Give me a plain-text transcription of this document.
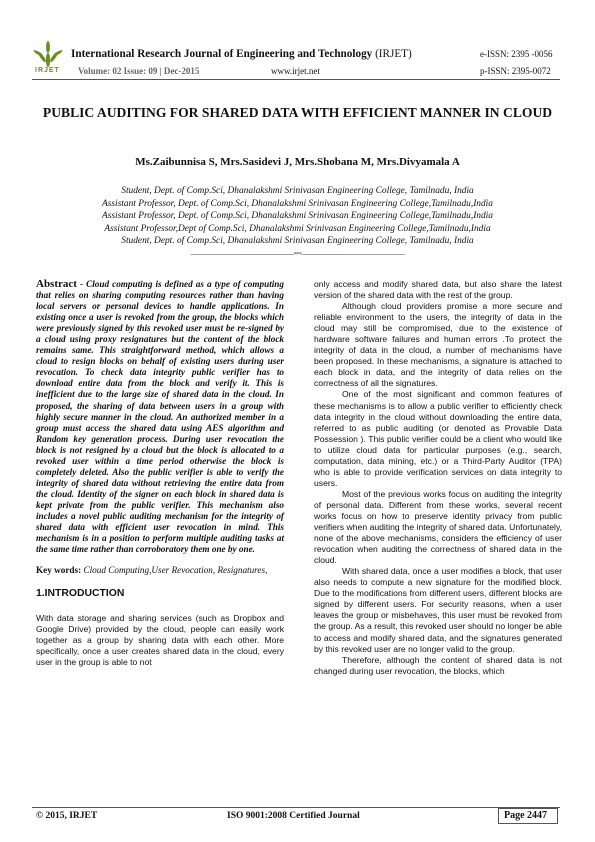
IRJET
International Research Journal of Engineering and Technology (IRJET)	e-ISSN: 2395 -0056
Volume: 02 Issue: 09 | Dec-2015	www.irjet.net	p-ISSN: 2395-0072
PUBLIC AUDITING FOR SHARED DATA WITH EFFICIENT MANNER IN CLOUD
Ms.Zaibunnisa S, Mrs.Sasidevi J, Mrs.Shobana M, Mrs.Divyamala A
Student, Dept. of Comp.Sci, Dhanalakshmi Srinivasan Engineering College, Tamilnadu, India
Assistant Professor, Dept. of Comp.Sci, Dhanalakshmi Srinivasan Engineering College,Tamilnadu,India
Assistant Professor, Dept. of Comp.Sci, Dhanalakshmi Srinivasan Engineering College,Tamilnadu,India
Assistant Professor,Dept of Comp.Sci, Dhanalakshmi Srinivasan Engineering College,Tamilnadu,India
Student, Dept. of Comp.Sci, Dhanalakshmi Srinivasan Engineering College, Tamilnadu, India
---------------------------------------------------------------------***---------------------------------------------------------------------
Abstract - Cloud computing is defined as a type of computing that relies on sharing computing resources rather than having local servers or personal devices to handle applications. In existing once a user is revoked from the group, the blocks which were previously signed by this revoked user must be re-signed by a cloud using proxy resignatures but the content of the block remains same. This straightforward method, which allows a cloud to resign blocks on behalf of existing users during user revocation. To check data integrity public verifier has to download entire data from the block and verify it. This is inefficient due to the large size of shared data in the cloud. In proposed, the sharing of data between users in a group with highly secure manner in the cloud. An authorized member in a group must access the shared data using AES algorithm and Random key generation process. During user revocation the block is not resigned by a cloud but the block is allocated to a revoked user within a time period otherwise the block is completely deleted. Also the public verifier is able to verify the integrity of shared data without retrieving the entire data from the cloud. Identity of the signer on each block in shared data is kept private from the public verifier. This mechanism also includes a novel public auditing mechanism for the integrity of shared data with efficient user revocation in mind. This mechanism is in a position to perform multiple auditing tasks at the same time rather than corroboratory them one by one.
Key words: Cloud Computing,User Revocation, Resignatures,
1.INTRODUCTION
With data storage and sharing services (such as Dropbox and Google Drive) provided by the cloud, people can easily work together as a group by sharing data with each other. More specifically, once a user creates shared data in the cloud, every user in the group is able to not

only access and modify shared data, but also share the latest version of the shared data with the rest of the group.

Although cloud providers promise a more secure and reliable environment to the users, the integrity of data in the cloud may still be compromised, due to the existence of hardware software failures and human errors .To protect the integrity of data in the cloud, a number of mechanisms have been proposed. In these mechanisms, a signature is attached to each block in data, and the integrity of data relies on the correctness of all the signatures.

One of the most significant and common features of these mechanisms is to allow a public verifier to efficiently check data integrity in the cloud without downloading the entire data, referred to as public auditing (or denoted as Provable Data Possession ). This public verifier could be a client who would like to utilize cloud data for particular purposes (e.g., search, computation, data mining, etc.) or a Third-Party Auditor (TPA) who is able to provide verification services on data integrity to users.

Most of the previous works focus on auditing the integrity of personal data. Different from these works, several recent works focus on how to preserve identity privacy from public verifiers when auditing the integrity of shared data. Unfortunately, none of the above mechanisms, considers the efficiency of user revocation when auditing the correctness of shared data in the cloud.

With shared data, once a user modifies a block, that user also needs to compute a new signature for the modified block. Due to the modifications from different users, different blocks are signed by different users. For security reasons, when a user leaves the group or misbehaves, this user must be revoked from the group. As a result, this revoked user should no longer be able to access and modify shared data, and the signatures generated by this revoked user are no longer valid to the group.

Therefore, although the content of shared data is not changed during user revocation, the blocks, which

© 2015, IRJET	ISO 9001:2008 Certified Journal	Page 2447
